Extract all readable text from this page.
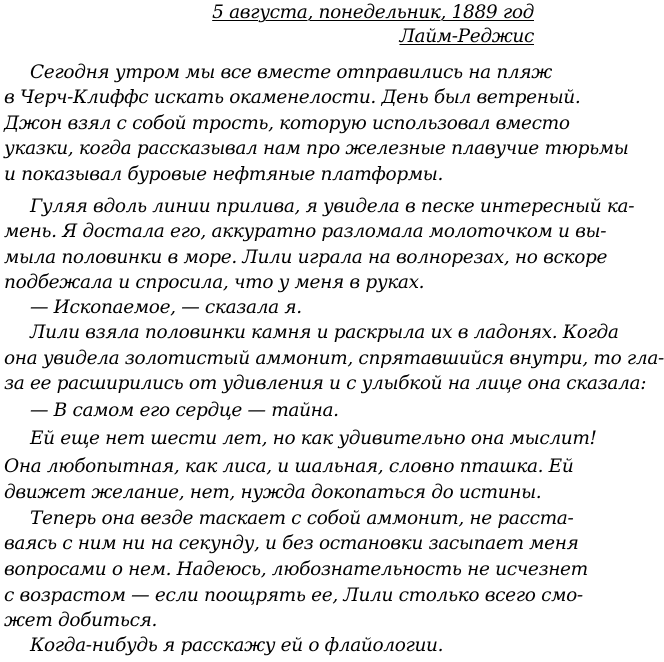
5 августа, понедельник, 1889 год
Лайм-Реджис
Сегодня утром мы все вместе отправились на пляж
в Черч-Клиффс искать окаменелости. День был ветреный.
Джон взял с собой трость, которую использовал вместо
указки, когда рассказывал нам про железные плавучие тюрьмы
и показывал буровые нефтяные платформы.
Гуляя вдоль линии прилива, я увидела в песке интересный ка-
мень. Я достала его, аккуратно разломала молоточком и вы-
мыла половинки в море. Лили играла на волнорезах, но вскоре
подбежала и спросила, что у меня в руках.
— Ископаемое, — сказала я.
Лили взяла половинки камня и раскрыла их в ладонях. Когда
она увидела золотистый аммонит, спрятавшийся внутри, то гла-
за ее расширились от удивления и с улыбкой на лице она сказала:
— В самом его сердце — тайна.
Ей еще нет шести лет, но как удивительно она мыслит!
Она любопытная, как лиса, и шальная, словно пташка. Ей
движет желание, нет, нужда докопаться до истины.
Теперь она везде таскает с собой аммонит, не расста-
ваясь с ним ни на секунду, и без остановки засыпает меня
вопросами о нем. Надеюсь, любознательность не исчезнет
с возрастом — если поощрять ее, Лили столько всего смо-
жет добиться.
Когда-нибудь я расскажу ей о флайологии.
